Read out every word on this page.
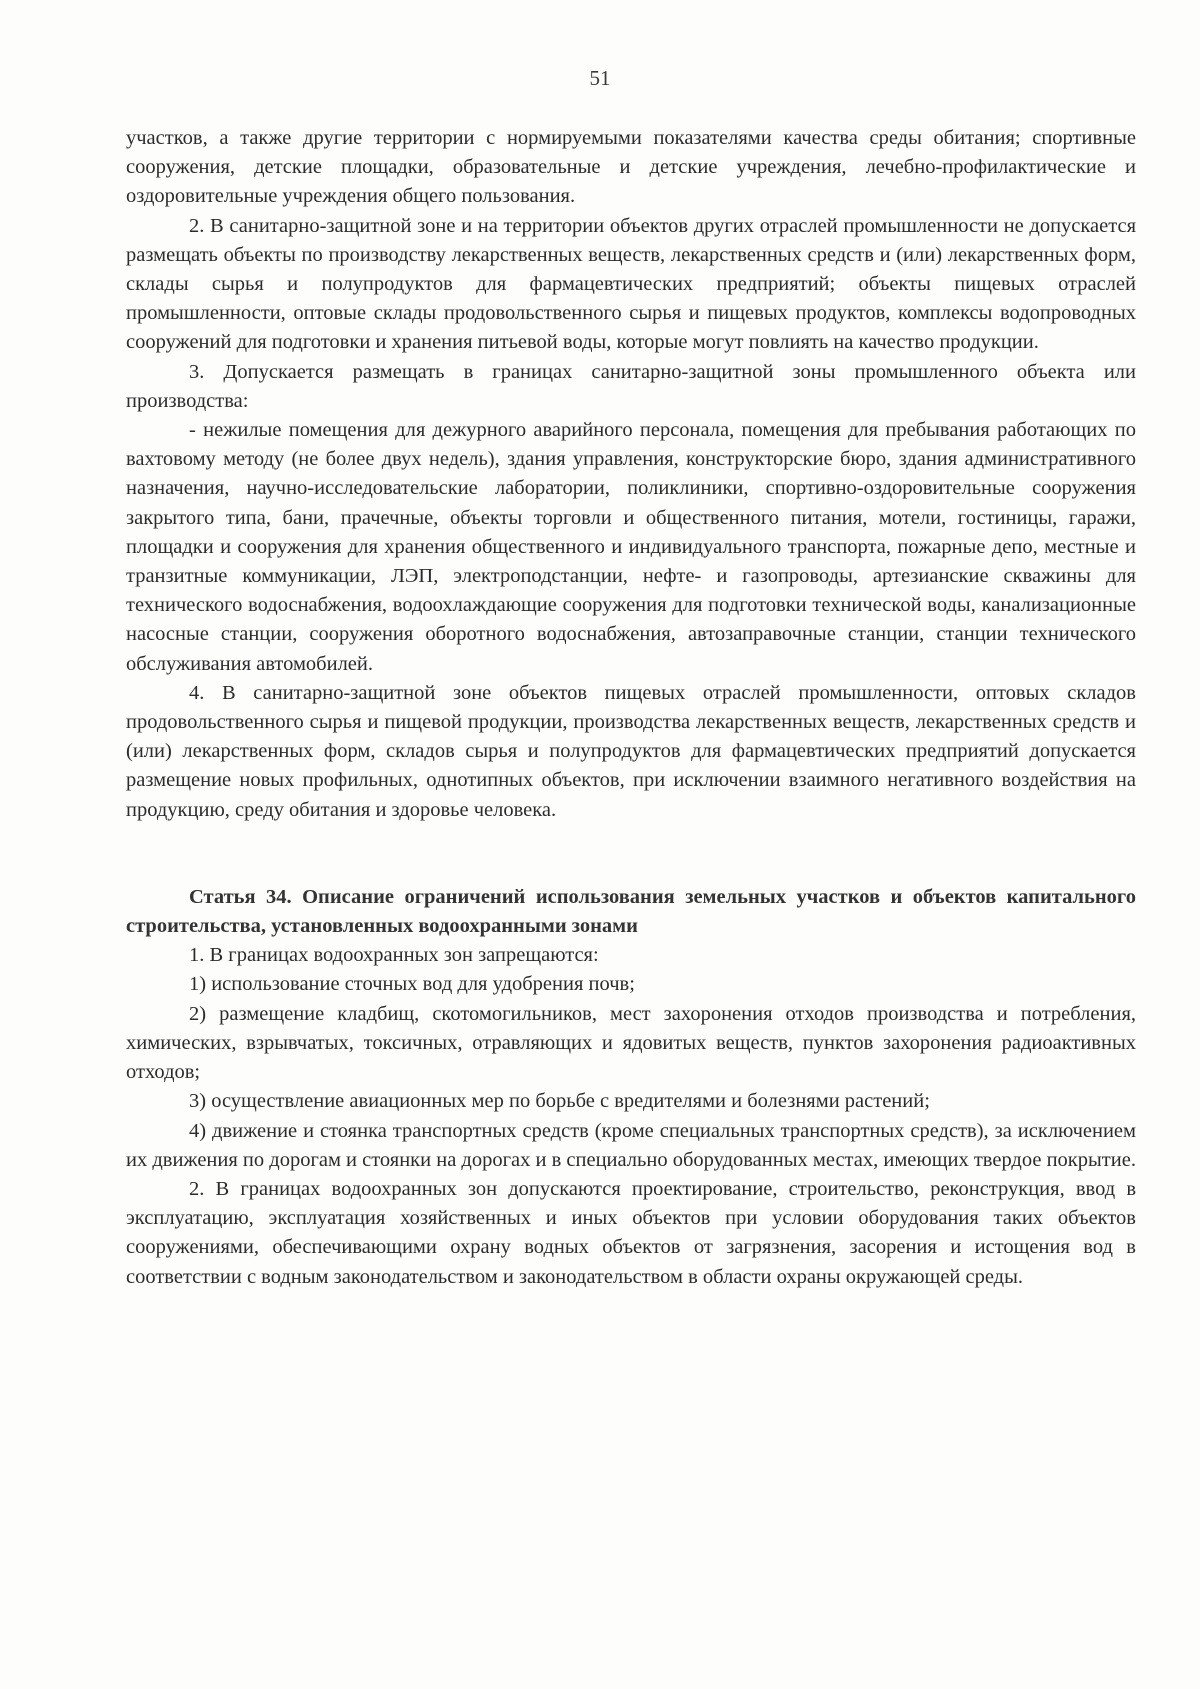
51

участков, а также другие территории с нормируемыми показателями качества среды обитания; спортивные сооружения, детские площадки, образовательные и детские учреждения, лечебно-профилактические и оздоровительные учреждения общего пользования.

2. В санитарно-защитной зоне и на территории объектов других отраслей промышленности не допускается размещать объекты по производству лекарственных веществ, лекарственных средств и (или) лекарственных форм, склады сырья и полупродуктов для фармацевтических предприятий; объекты пищевых отраслей промышленности, оптовые склады продовольственного сырья и пищевых продуктов, комплексы водопроводных сооружений для подготовки и хранения питьевой воды, которые могут повлиять на качество продукции.

3. Допускается размещать в границах санитарно-защитной зоны промышленного объекта или производства:

- нежилые помещения для дежурного аварийного персонала, помещения для пребывания работающих по вахтовому методу (не более двух недель), здания управления, конструкторские бюро, здания административного назначения, научно-исследовательские лаборатории, поликлиники, спортивно-оздоровительные сооружения закрытого типа, бани, прачечные, объекты торговли и общественного питания, мотели, гостиницы, гаражи, площадки и сооружения для хранения общественного и индивидуального транспорта, пожарные депо, местные и транзитные коммуникации, ЛЭП, электроподстанции, нефте- и газопроводы, артезианские скважины для технического водоснабжения, водоохлаждающие сооружения для подготовки технической воды, канализационные насосные станции, сооружения оборотного водоснабжения, автозаправочные станции, станции технического обслуживания автомобилей.

4. В санитарно-защитной зоне объектов пищевых отраслей промышленности, оптовых складов продовольственного сырья и пищевой продукции, производства лекарственных веществ, лекарственных средств и (или) лекарственных форм, складов сырья и полупродуктов для фармацевтических предприятий допускается размещение новых профильных, однотипных объектов, при исключении взаимного негативного воздействия на продукцию, среду обитания и здоровье человека.

Статья 34. Описание ограничений использования земельных участков и объектов капитального строительства, установленных водоохранными зонами

1. В границах водоохранных зон запрещаются:

1) использование сточных вод для удобрения почв;

2) размещение кладбищ, скотомогильников, мест захоронения отходов производства и потребления, химических, взрывчатых, токсичных, отравляющих и ядовитых веществ, пунктов захоронения радиоактивных отходов;

3) осуществление авиационных мер по борьбе с вредителями и болезнями растений;

4) движение и стоянка транспортных средств (кроме специальных транспортных средств), за исключением их движения по дорогам и стоянки на дорогах и в специально оборудованных местах, имеющих твердое покрытие.

2. В границах водоохранных зон допускаются проектирование, строительство, реконструкция, ввод в эксплуатацию, эксплуатация хозяйственных и иных объектов при условии оборудования таких объектов сооружениями, обеспечивающими охрану водных объектов от загрязнения, засорения и истощения вод в соответствии с водным законодательством и законодательством в области охраны окружающей среды.
